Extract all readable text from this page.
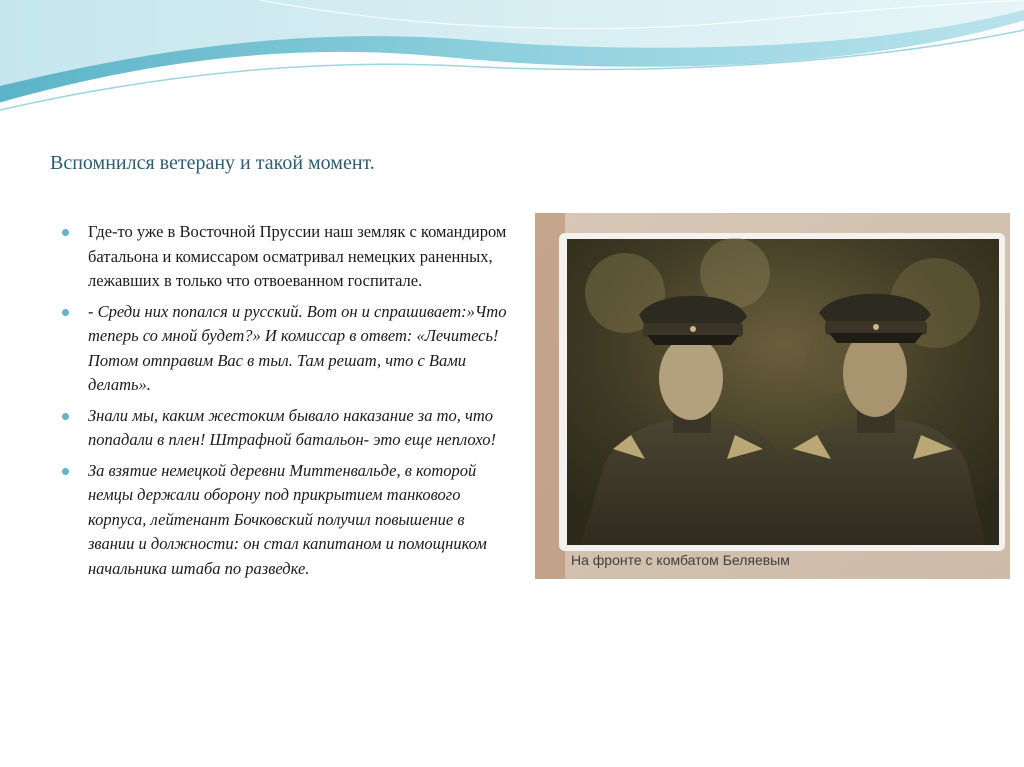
Вспомнился ветерану и такой момент.
Где-то уже в Восточной Пруссии наш земляк с командиром батальона и комиссаром осматривал немецких раненных, лежавших в только что отвоеванном госпитале.
- Среди них попался и русский. Вот он и спрашивает:»Что теперь со мной будет?» И комиссар в ответ: «Лечитесь! Потом отправим Вас в тыл. Там решат, что с Вами делать».
Знали мы, каким жестоким бывало наказание за то, что попадали в плен! Штрафной батальон- это еще неплохо!
За взятие немецкой деревни Миттенвальде, в которой немцы держали оборону под прикрытием танкового корпуса, лейтенант Бочковский получил повышение в звании и должности: он стал капитаном и помощником начальника штаба по разведке.	На фронте с комбатом Беляевым
